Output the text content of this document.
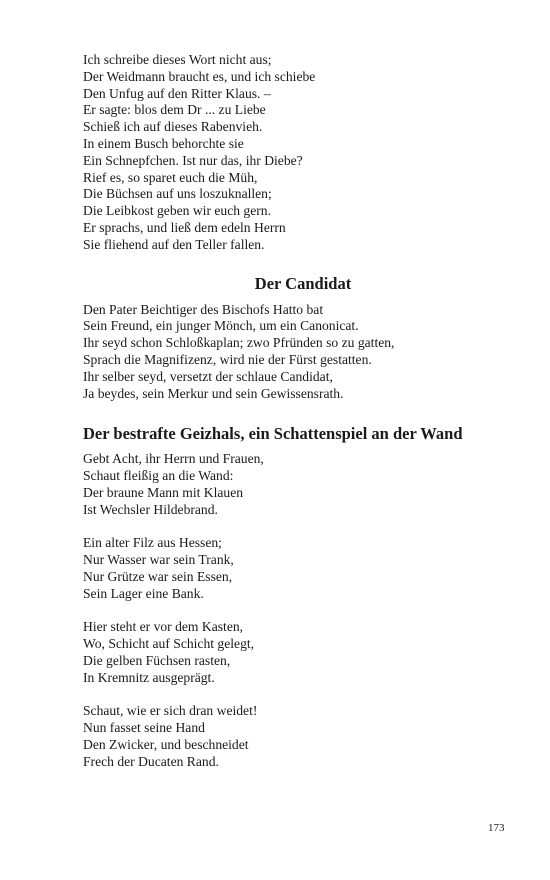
Ich schreibe dieses Wort nicht aus;
Der Weidmann braucht es, und ich schiebe
Den Unfug auf den Ritter Klaus. –
Er sagte: blos dem Dr ... zu Liebe
Schieß ich auf dieses Rabenvieh.
In einem Busch behorchte sie
Ein Schnepfchen. Ist nur das, ihr Diebe?
Rief es, so sparet euch die Müh,
Die Büchsen auf uns loszuknallen;
Die Leibkost geben wir euch gern.
Er sprachs, und ließ dem edeln Herrn
Sie fliehend auf den Teller fallen.
Der Candidat
Den Pater Beichtiger des Bischofs Hatto bat
Sein Freund, ein junger Mönch, um ein Canonicat.
Ihr seyd schon Schloßkaplan; zwo Pfründen so zu gatten,
Sprach die Magnifizenz, wird nie der Fürst gestatten.
Ihr selber seyd, versetzt der schlaue Candidat,
Ja beydes, sein Merkur und sein Gewissensrath.
Der bestrafte Geizhals, ein Schattenspiel an der Wand
Gebt Acht, ihr Herrn und Frauen,
Schaut fleißig an die Wand:
Der braune Mann mit Klauen
Ist Wechsler Hildebrand.
Ein alter Filz aus Hessen;
Nur Wasser war sein Trank,
Nur Grütze war sein Essen,
Sein Lager eine Bank.
Hier steht er vor dem Kasten,
Wo, Schicht auf Schicht gelegt,
Die gelben Füchsen rasten,
In Kremnitz ausgeprägt.
Schaut, wie er sich dran weidet!
Nun fasset seine Hand
Den Zwicker, und beschneidet
Frech der Ducaten Rand.
173
